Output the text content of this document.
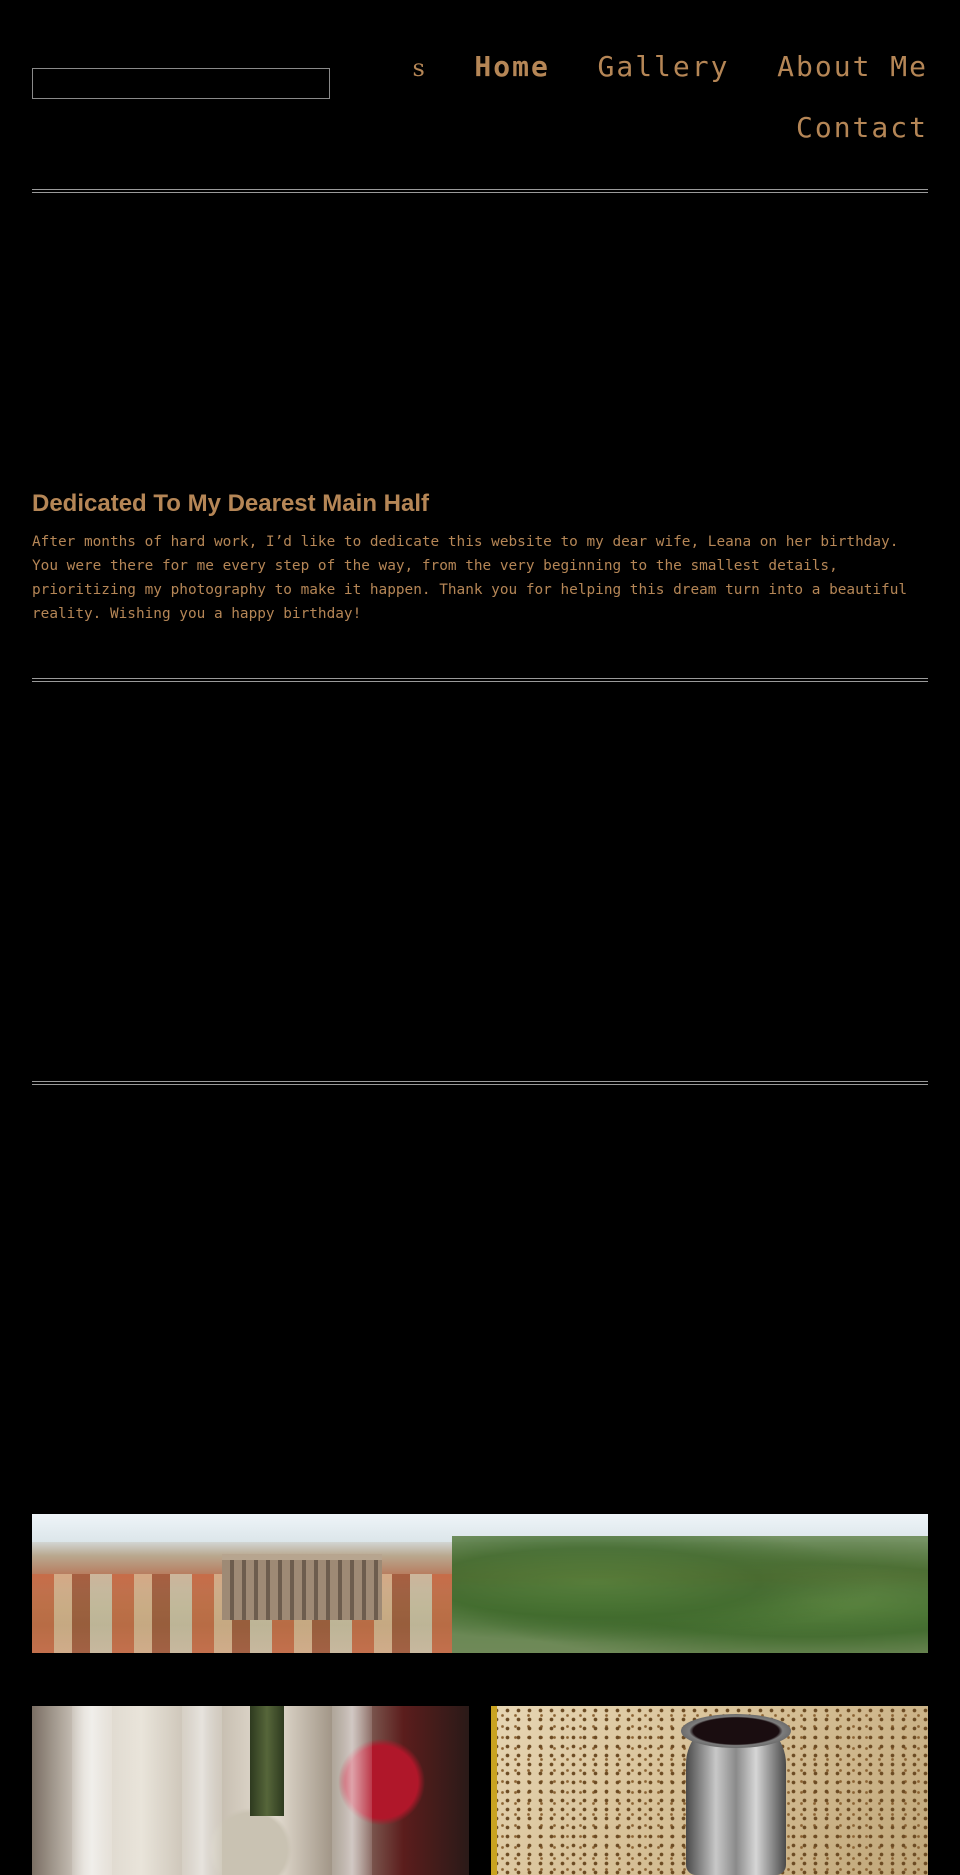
s Home Gallery About Me
Contact
Dedicated To My Dearest Main Half

After months of hard work, I’d like to dedicate this website to my dear wife, Leana on her birthday. You were there for me every step of the way, from the very beginning to the smallest details, prioritizing my photography to make it happen. Thank you for helping this dream turn into a beautiful reality. Wishing you a happy birthday!
